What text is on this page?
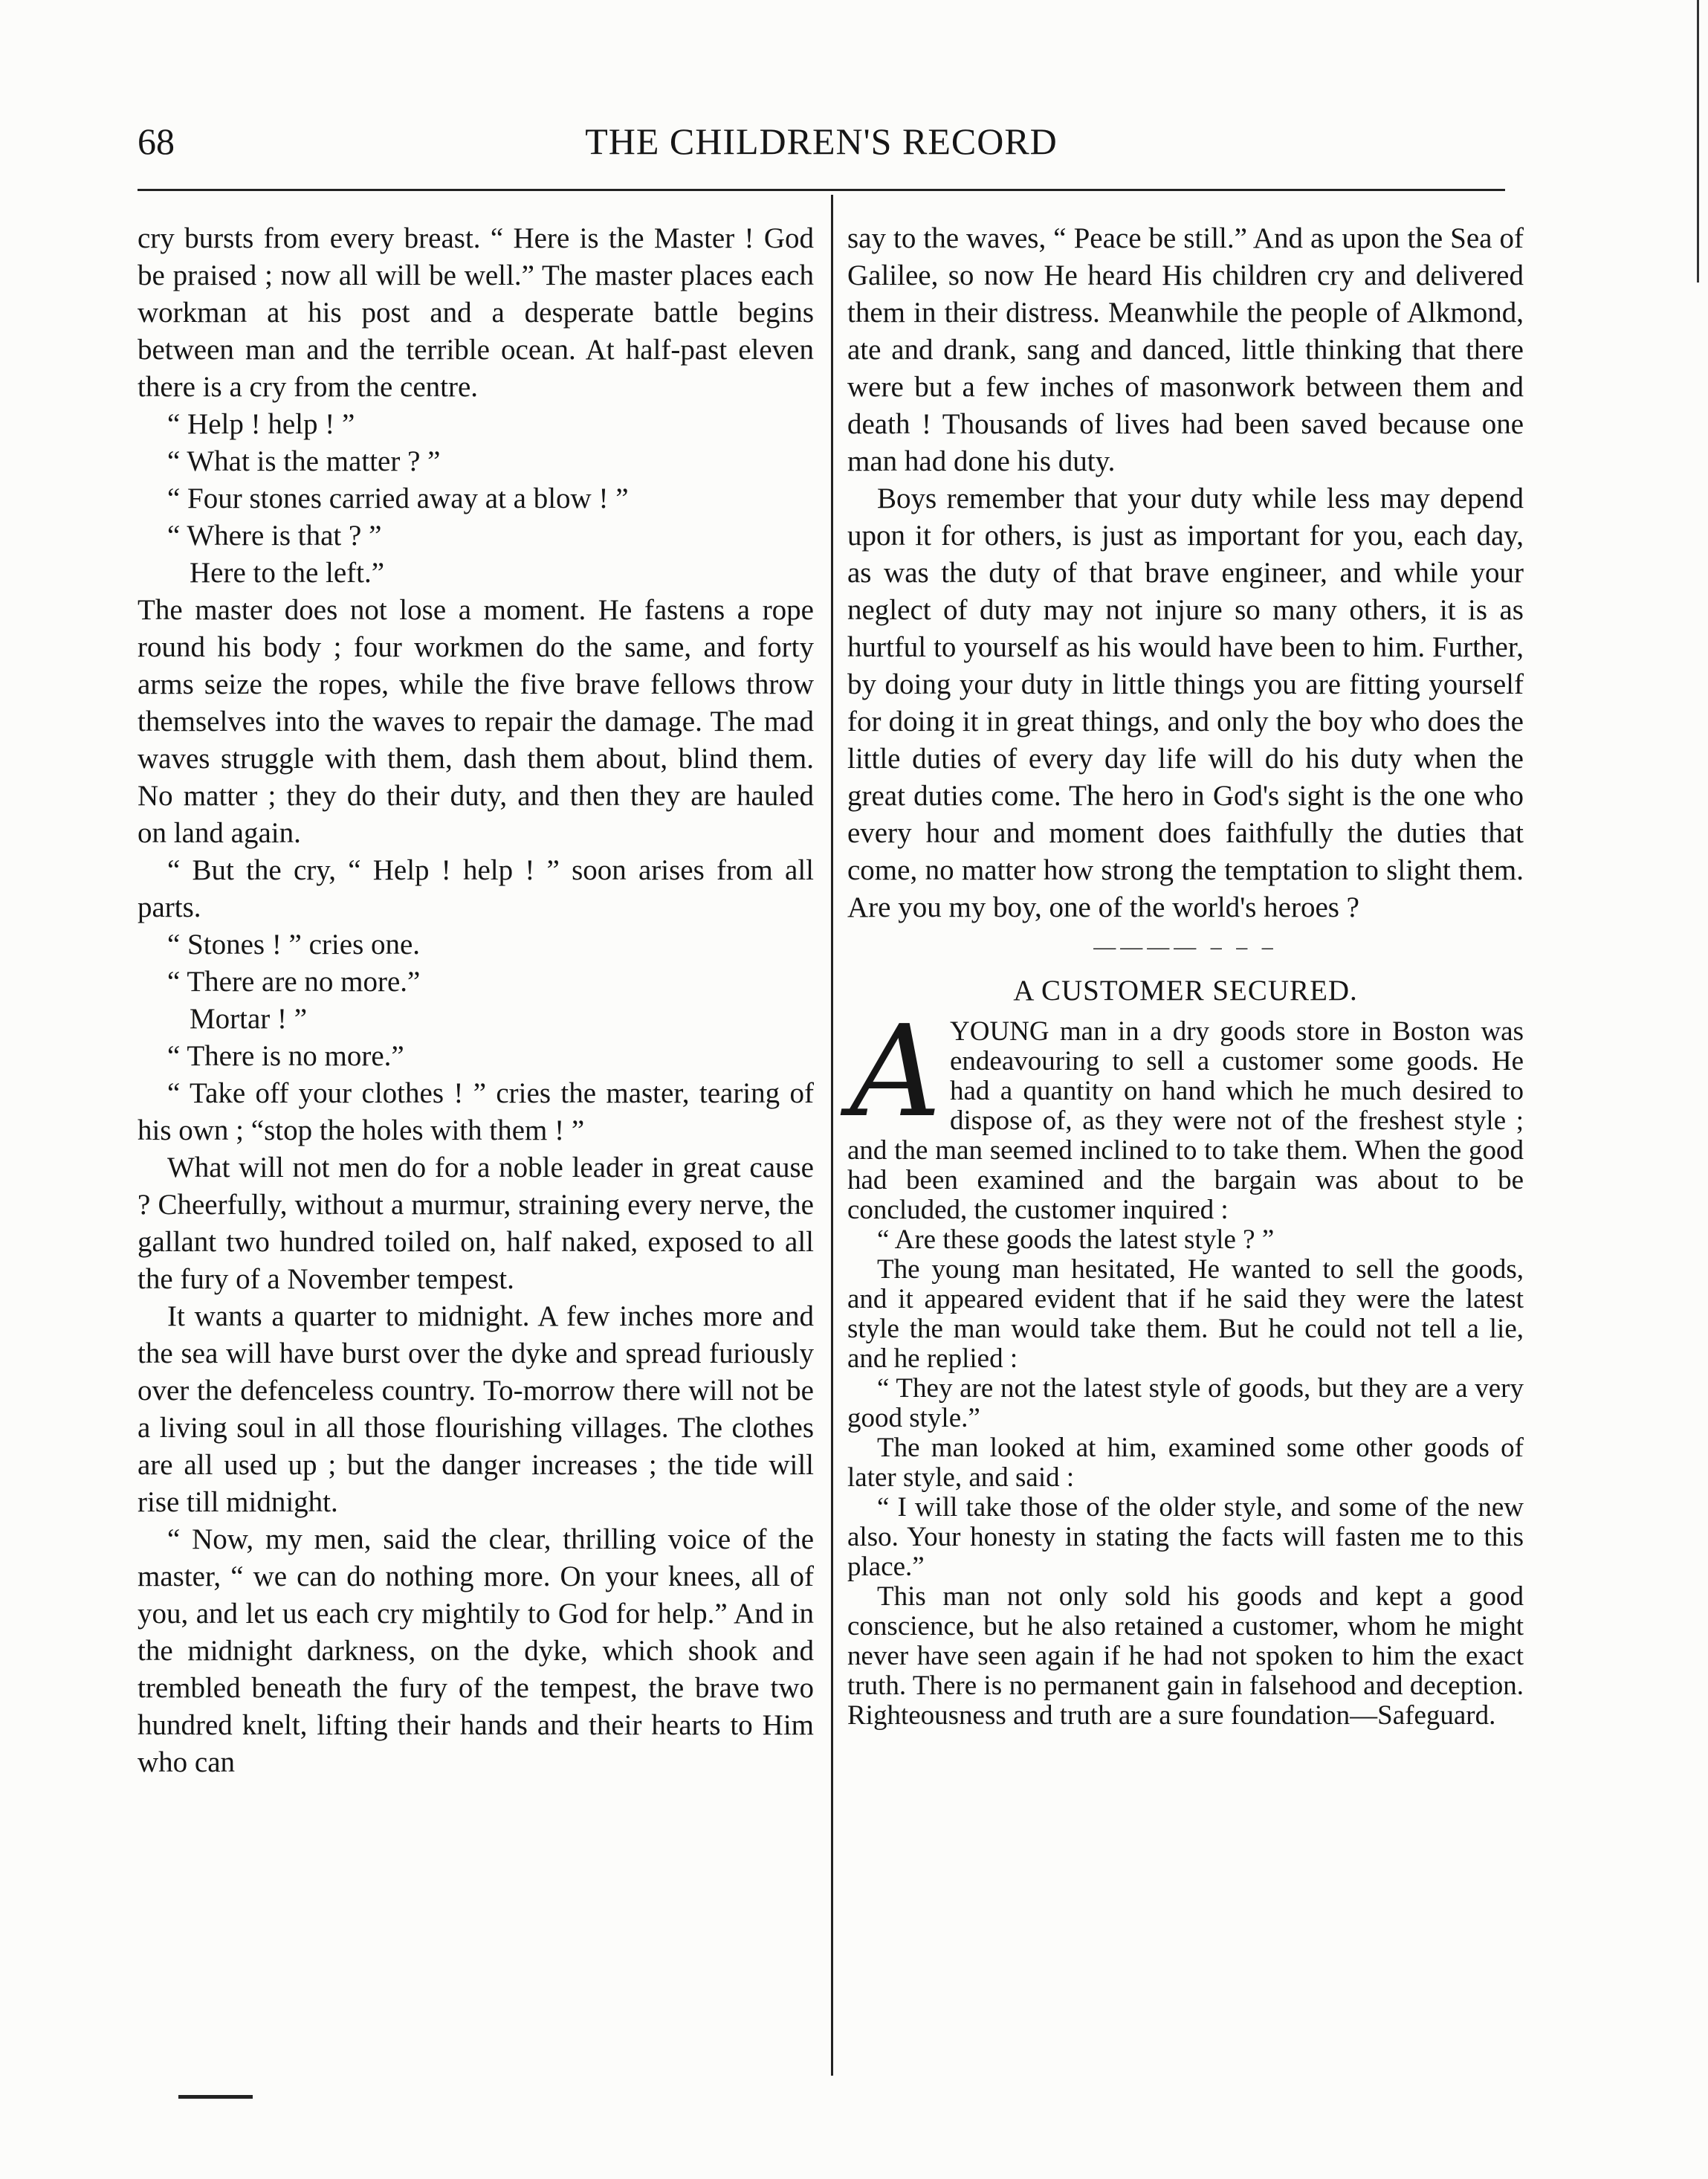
68	THE CHILDREN'S RECORD

cry bursts from every breast. “ Here is the Master ! God be praised ; now all will be well.” The master places each workman at his post and a desperate battle begins between man and the terrible ocean. At half-past eleven there is a cry from the centre.

“ Help ! help ! ”

“ What is the matter ? ”

“ Four stones carried away at a blow ! ”

“ Where is that ? ”

Here to the left.”

The master does not lose a moment. He fastens a rope round his body ; four workmen do the same, and forty arms seize the ropes, while the five brave fellows throw themselves into the waves to repair the damage. The mad waves struggle with them, dash them about, blind them. No matter ; they do their duty, and then they are hauled on land again.

“ But the cry, “ Help ! help ! ” soon arises from all parts.

“ Stones ! ” cries one.

“ There are no more.”

Mortar ! ”

“ There is no more.”

“ Take off your clothes ! ” cries the master, tearing of his own ; “stop the holes with them ! ”

What will not men do for a noble leader in great cause ? Cheerfully, without a murmur, straining every nerve, the gallant two hundred toiled on, half naked, exposed to all the fury of a November tempest.

It wants a quarter to midnight. A few inches more and the sea will have burst over the dyke and spread furiously over the defenceless country. To-morrow there will not be a living soul in all those flourishing villages. The clothes are all used up ; but the danger increases ; the tide will rise till midnight.

“ Now, my men, said the clear, thrilling voice of the master, “ we can do nothing more. On your knees, all of you, and let us each cry mightily to God for help.” And in the midnight darkness, on the dyke, which shook and trembled beneath the fury of the tempest, the brave two hundred knelt, lifting their hands and their hearts to Him who can

say to the waves, “ Peace be still.” And as upon the Sea of Galilee, so now He heard His children cry and delivered them in their distress. Meanwhile the people of Alkmond, ate and drank, sang and danced, little thinking that there were but a few inches of masonwork between them and death ! Thousands of lives had been saved because one man had done his duty.

Boys remember that your duty while less may depend upon it for others, is just as important for you, each day, as was the duty of that brave engineer, and while your neglect of duty may not injure so many others, it is as hurtful to yourself as his would have been to him. Further, by doing your duty in little things you are fitting yourself for doing it in great things, and only the boy who does the little duties of every day life will do his duty when the great duties come. The hero in God's sight is the one who every hour and moment does faithfully the duties that come, no matter how strong the temptation to slight them. Are you my boy, one of the world's heroes ?

———— – – –
A CUSTOMER SECURED.
A YOUNG man in a dry goods store in Boston was endeavouring to sell a customer some goods. He had a quantity on hand which he much desired to dispose of, as they were not of the freshest style ; and the man seemed inclined to to take them. When the good had been examined and the bargain was about to be concluded, the customer inquired :

“ Are these goods the latest style ? ”

The young man hesitated, He wanted to sell the goods, and it appeared evident that if he said they were the latest style the man would take them. But he could not tell a lie, and he replied :

“ They are not the latest style of goods, but they are a very good style.”

The man looked at him, examined some other goods of later style, and said :

“ I will take those of the older style, and some of the new also. Your honesty in stating the facts will fasten me to this place.”

This man not only sold his goods and kept a good conscience, but he also retained a customer, whom he might never have seen again if he had not spoken to him the exact truth. There is no permanent gain in falsehood and deception. Righteousness and truth are a sure foundation—Safeguard.
